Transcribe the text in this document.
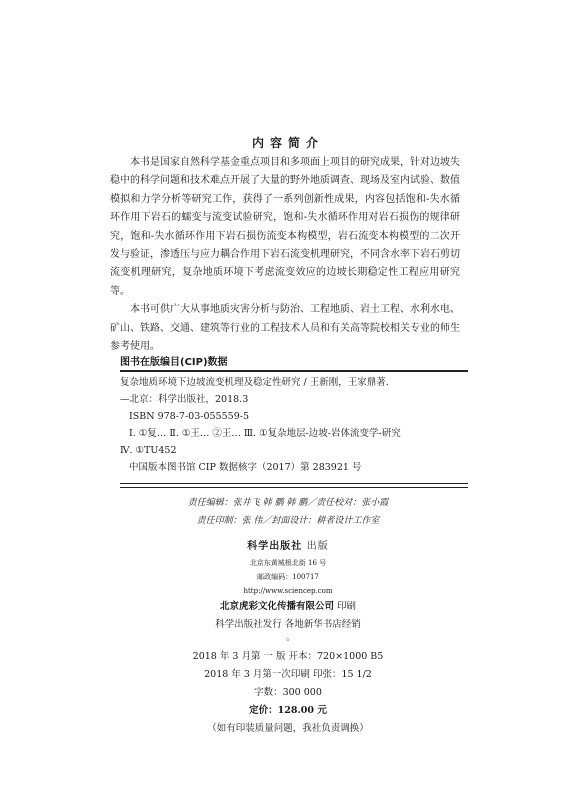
内容简介

本书是国家自然科学基金重点项目和多项面上项目的研究成果，针对边坡失稳中的科学问题和技术难点开展了大量的野外地质调查、现场及室内试验、数值模拟和力学分析等研究工作，获得了一系列创新性成果，内容包括饱和-失水循环作用下岩石的蠕变与流变试验研究，饱和-失水循环作用对岩石损伤的规律研究，饱和-失水循环作用下岩石损伤流变本构模型，岩石流变本构模型的二次开发与验证，渗透压与应力耦合作用下岩石流变机理研究，不同含水率下岩石剪切流变机理研究，复杂地质环境下考虑流变效应的边坡长期稳定性工程应用研究等。

本书可供广大从事地质灾害分析与防治、工程地质、岩土工程、水利水电、矿山、铁路、交通、建筑等行业的工程技术人员和有关高等院校相关专业的师生参考使用。

图书在版编目(CIP)数据
复杂地质环境下边坡流变机理及稳定性研究 / 王新刚，王家鼎著.
—北京：科学出版社，2018.3
ISBN 978-7-03-055559-5
Ⅰ. ①复… Ⅱ. ①王… ②王… Ⅲ. ①复杂地层-边坡-岩体流变学-研究
Ⅳ. ①TU452
中国版本图书馆 CIP 数据核字（2017）第 283921 号
责任编辑：张井飞 韩 鹏 韩 鹏／责任校对：张小霞
责任印制：张 伟／封面设计：耕者设计工作室
科学出版社 出版
北京东黄城根北街 16 号
邮政编码：100717
http://www.sciencep.com
北京虎彩文化传播有限公司 印刷
科学出版社发行 各地新华书店经销
◦
2018 年 3 月第 一 版 开本：720×1000 B5
2018 年 3 月第一次印刷 印张：15 1/2
字数：300 000
定价：128.00 元
（如有印装质量问题，我社负责调换）
